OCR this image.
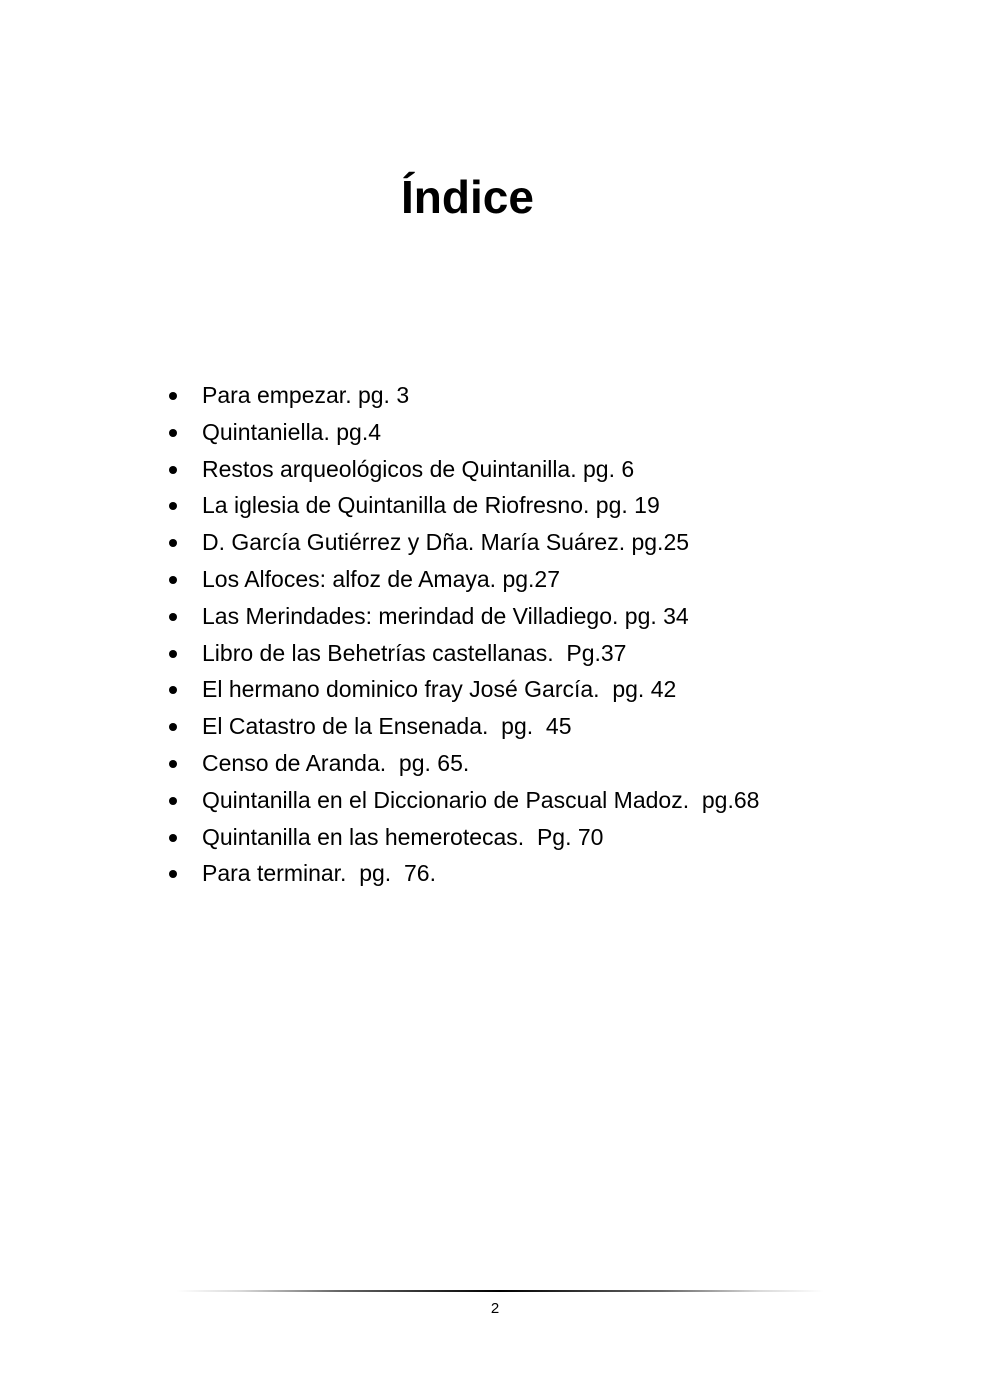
Índice
Para empezar. pg. 3
Quintaniella. pg.4
Restos arqueológicos de Quintanilla. pg. 6
La iglesia de Quintanilla de Riofresno. pg. 19
D. García Gutiérrez y Dña. María Suárez. pg.25
Los Alfoces: alfoz de Amaya. pg.27
Las Merindades: merindad de Villadiego. pg. 34
Libro de las Behetrías castellanas.  Pg.37
El hermano dominico fray José García.  pg. 42
El Catastro de la Ensenada.  pg.  45
Censo de Aranda.  pg. 65.
Quintanilla en el Diccionario de Pascual Madoz.  pg.68
Quintanilla en las hemerotecas.  Pg. 70
Para terminar.  pg.  76.
2
